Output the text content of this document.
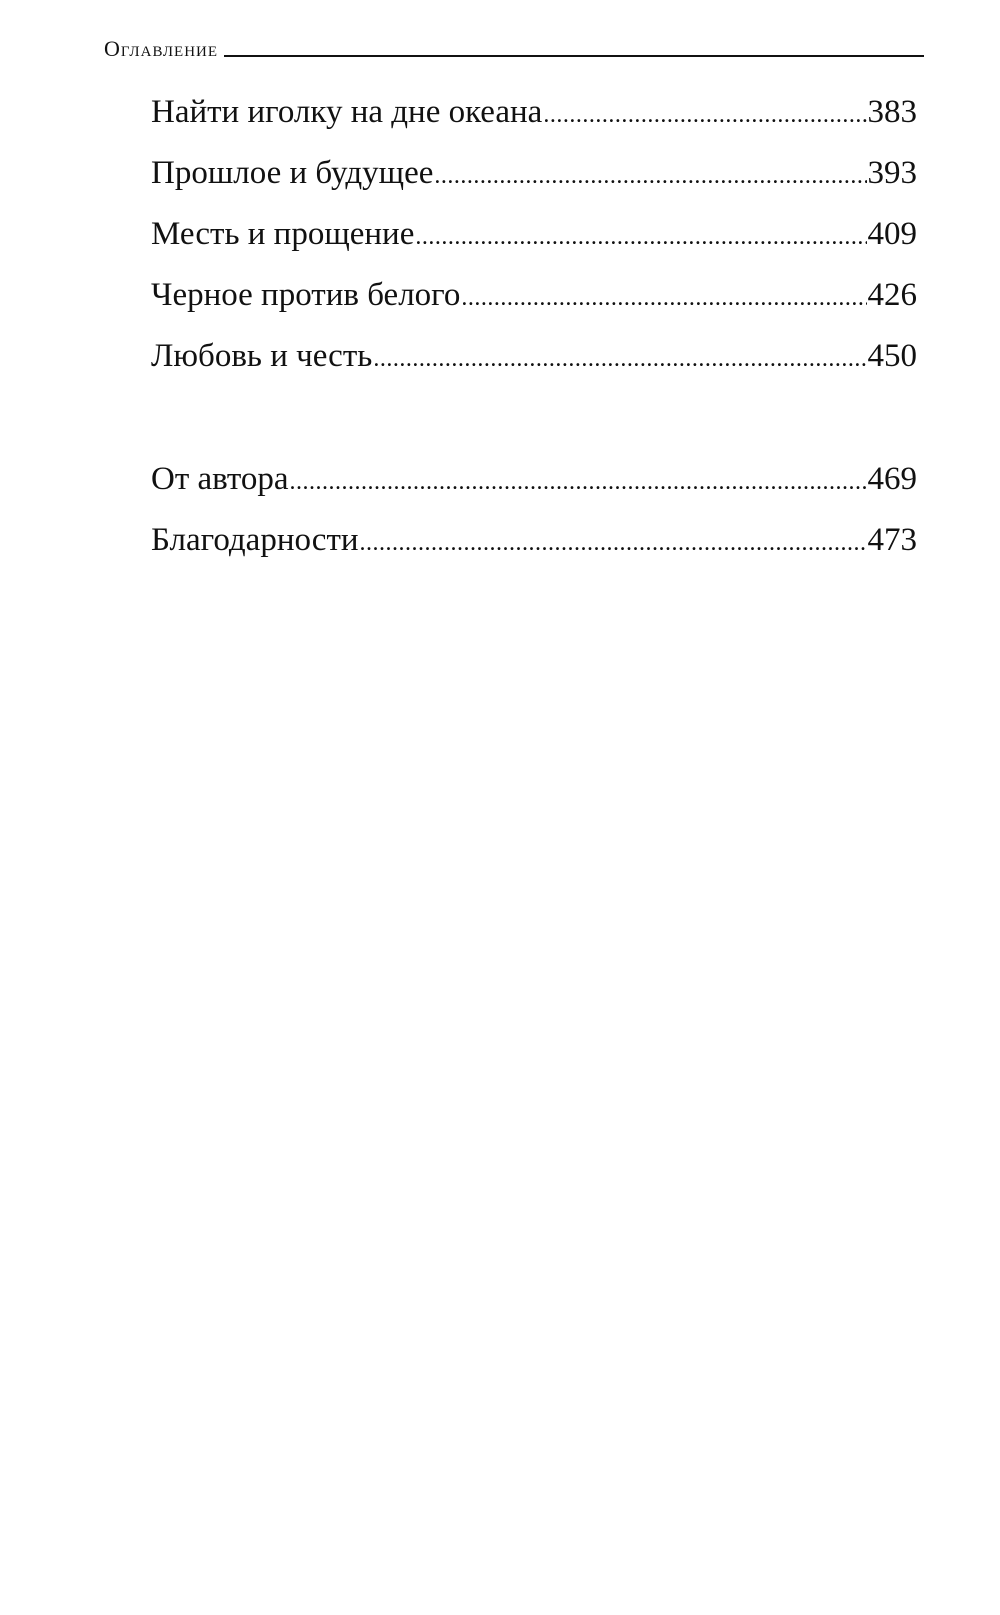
Оглавление
Найти иголку на дне океана .....	383
Прошлое и будущее .....	393
Месть и прощение .....	409
Черное против белого .....	426
Любовь и честь .....	450
От автора .....	469
Благодарности .....	473
